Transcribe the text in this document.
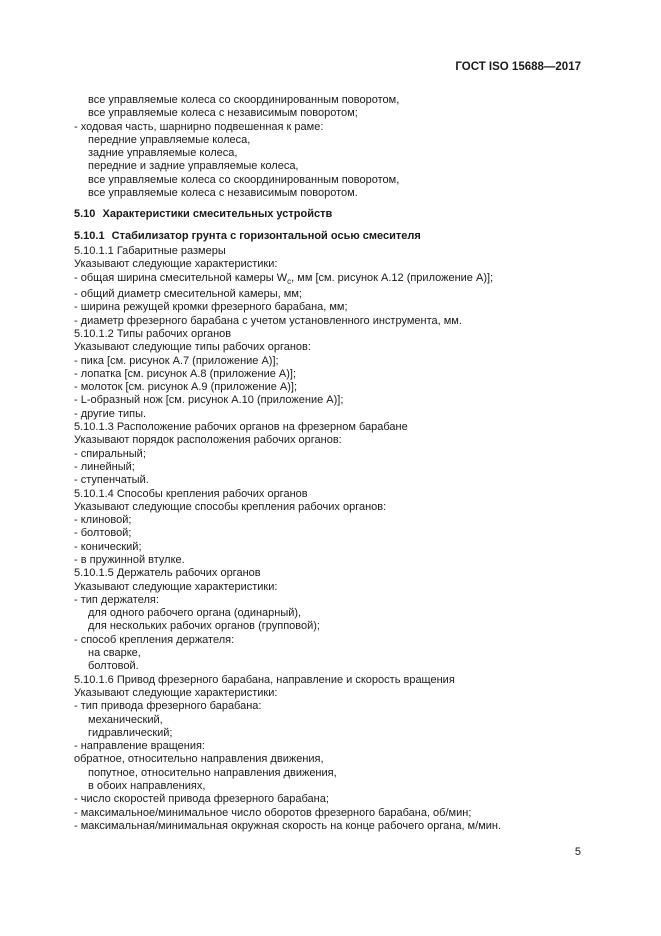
ГОСТ ISO 15688—2017
все управляемые колеса со скоординированным поворотом,
все управляемые колеса с независимым поворотом;
- ходовая часть, шарнирно подвешенная к раме:
передние управляемые колеса,
задние управляемые колеса,
передние и задние управляемые колеса,
все управляемые колеса со скоординированным поворотом,
все управляемые колеса с независимым поворотом.
5.10 Характеристики смесительных устройств
5.10.1 Стабилизатор грунта с горизонтальной осью смесителя
5.10.1.1 Габаритные размеры
Указывают следующие характеристики:
- общая ширина смесительной камеры $W_с$, мм [см. рисунок А.12 (приложение А)];
- общий диаметр смесительной камеры, мм;
- ширина режущей кромки фрезерного барабана, мм;
- диаметр фрезерного барабана с учетом установленного инструмента, мм.
5.10.1.2 Типы рабочих органов
Указывают следующие типы рабочих органов:
- пика [см. рисунок А.7 (приложение А)];
- лопатка [см. рисунок А.8 (приложение А)];
- молоток [см. рисунок А.9 (приложение А)];
- L-образный нож [см. рисунок А.10 (приложение А)];
- другие типы.
5.10.1.3 Расположение рабочих органов на фрезерном барабане
Указывают порядок расположения рабочих органов:
- спиральный;
- линейный;
- ступенчатый.
5.10.1.4 Способы крепления рабочих органов
Указывают следующие способы крепления рабочих органов:
- клиновой;
- болтовой;
- конический;
- в пружинной втулке.
5.10.1.5 Держатель рабочих органов
Указывают следующие характеристики:
- тип держателя:
для одного рабочего органа (одинарный),
для нескольких рабочих органов (групповой);
- способ крепления держателя:
на сварке,
болтовой.
5.10.1.6 Привод фрезерного барабана, направление и скорость вращения
Указывают следующие характеристики:
- тип привода фрезерного барабана:
механический,
гидравлический;
- направление вращения:
обратное, относительно направления движения,
попутное, относительно направления движения,
в обоих направлениях,
- число скоростей привода фрезерного барабана;
- максимальное/минимальное число оборотов фрезерного барабана, об/мин;
- максимальная/минимальная окружная скорость на конце рабочего органа, м/мин.
5
